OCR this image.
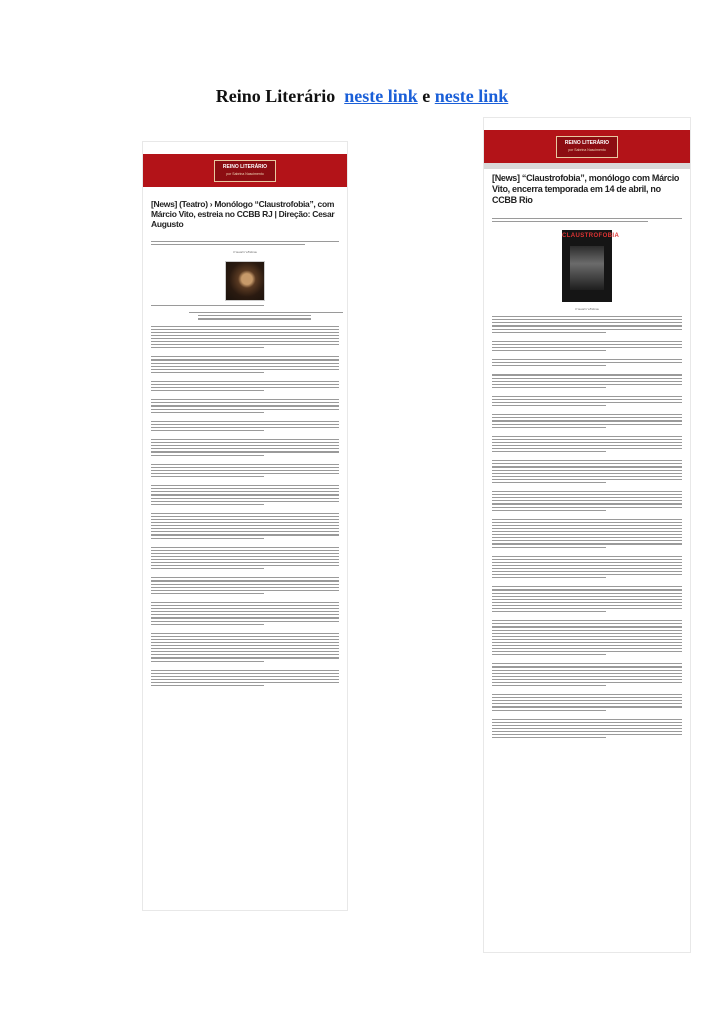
Reino Literário neste link e neste link
REINO LITERÁRIO
por Sabrina Nascimento
[News] (Teatro) › Monólogo “Claustrofobia”, com Márcio Vito, estreia no CCBB RJ | Direção: Cesar Augusto
Claustrofobia
REINO LITERÁRIO
por Sabrina Nascimento
[News] “Claustrofobia”, monólogo com Márcio Vito, encerra temporada em 14 de abril, no CCBB Rio
CLAUSTROFOBIA
Claustrofobia
